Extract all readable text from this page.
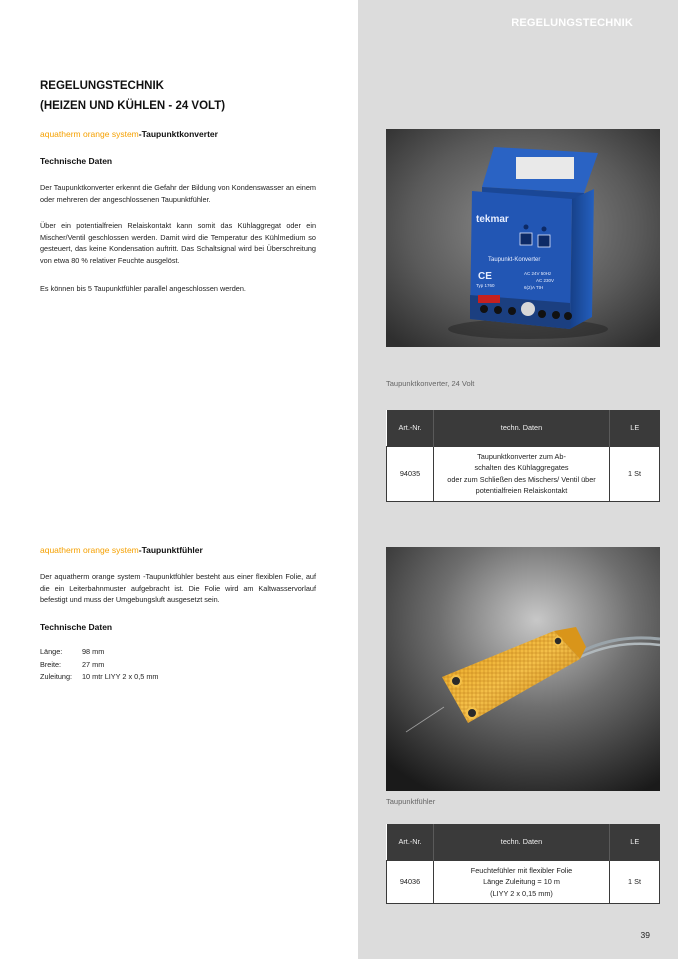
REGELUNGSTECHNIK
REGELUNGSTECHNIK
(HEIZEN UND KÜHLEN - 24 VOLT)
aquatherm orange system-Taupunktkonverter
Technische Daten
Der Taupunktkonverter erkennt die Gefahr der Bildung von Kondenswasser an einem oder mehreren der angeschlossenen Taupunktfühler.
Über ein potentialfreien Relaiskontakt kann somit das Kühlaggregat oder ein Mischer/Ventil geschlossen werden. Damit wird die Temperatur des Kühlmedium so gesteuert, das keine Kondensation auftritt. Das Schaltsignal wird bei Überschreitung von etwa 80 % relativer Feuchte ausgelöst.
Es können bis 5 Taupunktfühler parallel angeschlossen werden.
tekmar
Taupunkt-Konverter
CE	AC 24V 50Hz
AC 230V
6(2)A TtH
Typ 1760
Taupunktkonverter, 24 Volt
Art.-Nr.	techn. Daten	LE
94035	Taupunktkonverter zum Ab-
schalten des Kühlaggregates
oder zum Schließen des Mischers/ Ventil über
potentialfreien Relaiskontakt	1 St
aquatherm orange system-Taupunktfühler
Der aquatherm orange system -Taupunktfühler besteht aus einer flexiblen Folie, auf die ein Leiterbahnmuster aufgebracht ist. Die Folie wird am Kaltwasservorlauf befestigt und muss der Umgebungsluft ausgesetzt sein.
Technische Daten
Länge:	98 mm
Breite:	27 mm
Zuleitung:	10 mtr LIYY 2 x 0,5 mm
Taupunktfühler
Art.-Nr.	techn. Daten	LE
94036	Feuchtefühler mit flexibler Folie
Länge Zuleitung = 10 m
(LIYY 2 x 0,15 mm)	1 St
39
